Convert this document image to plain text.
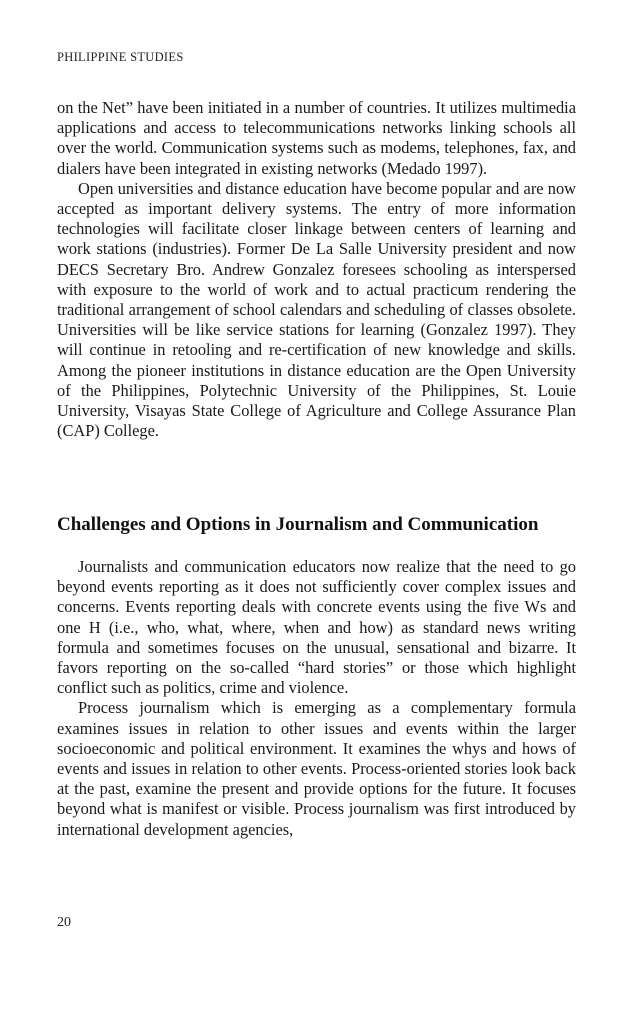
PHILIPPINE STUDIES

on the Net” have been initiated in a number of countries. It utilizes multimedia applications and access to telecommunications networks linking schools all over the world. Communication systems such as modems, telephones, fax, and dialers have been integrated in existing networks (Medado 1997).

Open universities and distance education have become popular and are now accepted as important delivery systems. The entry of more information technologies will facilitate closer linkage between centers of learning and work stations (industries). Former De La Salle University president and now DECS Secretary Bro. Andrew Gonzalez foresees schooling as interspersed with exposure to the world of work and to actual practicum rendering the traditional arrangement of school calendars and scheduling of classes obsolete. Universities will be like service stations for learning (Gonzalez 1997). They will continue in retooling and re-certification of new knowledge and skills. Among the pioneer institutions in distance education are the Open University of the Philippines, Polytechnic University of the Philippines, St. Louie University, Visayas State College of Agriculture and College Assurance Plan (CAP) College.

Challenges and Options in Journalism and Communication

Journalists and communication educators now realize that the need to go beyond events reporting as it does not sufficiently cover complex issues and concerns. Events reporting deals with concrete events using the five Ws and one H (i.e., who, what, where, when and how) as standard news writing formula and sometimes focuses on the unusual, sensational and bizarre. It favors reporting on the so-called “hard stories” or those which highlight conflict such as politics, crime and violence.

Process journalism which is emerging as a complementary formula examines issues in relation to other issues and events within the larger socioeconomic and political environment. It examines the whys and hows of events and issues in relation to other events. Process-oriented stories look back at the past, examine the present and provide options for the future. It focuses beyond what is manifest or visible. Process journalism was first introduced by international development agencies,

20
